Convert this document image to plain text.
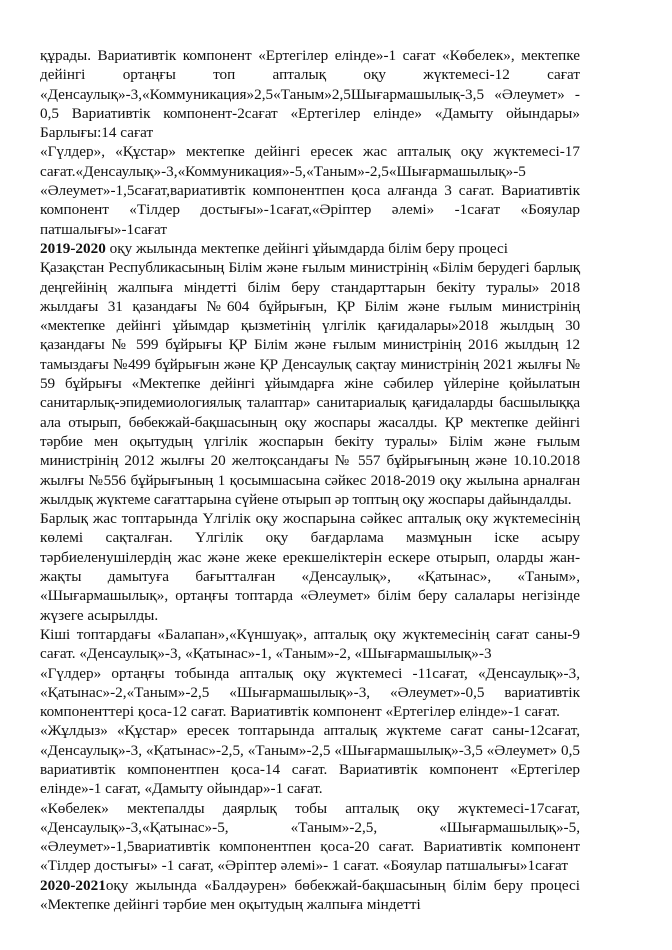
құрады. Вариативтік компонент «Ертегілер елінде»-1 сағат «Көбелек», мектепке дейінгі ортаңғы топ апталық оқу жүктемесі-12 сағат «Денсаулық»-3,«Коммуникация»2,5«Таным»2,5Шығармашылық-3,5 «Әлеумет» - 0,5 Вариативтік компонент-2сағат «Ертегілер елінде» «Дамыту ойындары» Барлығы:14 сағат

«Гүлдер», «Құстар» мектепке дейінгі ересек жас апталық оқу жүктемесі-17 сағат.«Денсаулық»-3,«Коммуникация»-5,«Таным»-2,5«Шығармашылық»-5

«Әлеумет»-1,5сағат,вариативтік компонентпен қоса алғанда 3 сағат. Вариативтік компонент «Тілдер достығы»-1сағат,«Әріптер әлемі» -1сағат «Бояулар патшалығы»-1сағат

2019-2020 оқу жылында мектепке дейінгі ұйымдарда білім беру процесі

Қазақстан Республикасының Білім және ғылым министрінің «Білім берудегі барлық деңгейінің жалпыға міндетті білім беру стандарттарын бекіту туралы» 2018 жылдағы 31 қазандағы №604 бұйрығын, ҚР Білім және ғылым министрінің «мектепке дейінгі ұйымдар қызметінің үлгілік қағидалары»2018 жылдың 30 қазандағы № 599 бұйрығы ҚР Білім және ғылым министрінің 2016 жылдың 12 тамыздағы №499 бұйрығын және ҚР Денсаулық сақтау министрінің 2021 жылғы № 59 бұйрығы «Мектепке дейінгі ұйымдарға жіне сәбилер үйлеріне қойылатын санитарлық-эпидемиологиялық талаптар» санитариалық қағидаларды басшылыққа ала отырып, бөбекжай-бақшасының оқу жоспары жасалды. ҚР мектепке дейінгі тәрбие мен оқытудың үлгілік жоспарын бекіту туралы» Білім және ғылым министрінің 2012 жылғы 20 желтоқсандағы № 557 бұйрығының және 10.10.2018 жылғы №556 бұйрығының 1 қосымшасына сәйкес 2018-2019 оқу жылына арналған жылдық жүктеме сағаттарына сүйене отырып әр топтың оқу жоспары дайындалды.

Барлық жас топтарында Үлгілік оқу жоспарына сәйкес апталық оқу жүктемесінің көлемі сақталған. Үлгілік оқу бағдарлама мазмұнын іске асыру тәрбиеленушілердің жас және жеке ерекшеліктерін ескере отырып, оларды жан-жақты дамытуға бағытталған «Денсаулық», «Қатынас», «Таным», «Шығармашылық», ортаңғы топтарда «Әлеумет» білім беру салалары негізінде жүзеге асырылды.

Кіші топтардағы «Балапан»,«Күншуақ», апталық оқу жүктемесінің сағат саны-9 сағат. «Денсаулық»-3, «Қатынас»-1, «Таным»-2, «Шығармашылық»-3

«Гүлдер» ортаңғы тобында апталық оқу жүктемесі -11сағат, «Денсаулық»-3, «Қатынас»-2,«Таным»-2,5 «Шығармашылық»-3, «Әлеумет»-0,5 вариативтік компоненттері қоса-12 сағат. Вариативтік компонент «Ертегілер елінде»-1 сағат.

«Жұлдыз» «Құстар» ересек топтарында апталық жүктеме сағат саны-12сағат, «Денсаулық»-3, «Қатынас»-2,5, «Таным»-2,5 «Шығармашылық»-3,5 «Әлеумет» 0,5 вариативтік компонентпен қоса-14 сағат. Вариативтік компонент «Ертегілер елінде»-1 сағат, «Дамыту ойындар»-1 сағат.

«Көбелек» мектепалды даярлық тобы апталық оқу жүктемесі-17сағат, «Денсаулық»-3,«Қатынас»-5, «Таным»-2,5, «Шығармашылық»-5, «Әлеумет»-1,5вариативтік компонентпен қоса-20 сағат. Вариативтік компонент «Тілдер достығы» -1 сағат, «Әріптер әлемі»- 1 сағат. «Бояулар патшалығы»1сағат

2020-2021оқу жылында «Балдәурен» бөбекжай-бақшасының білім беру процесі «Мектепке дейінгі тәрбие мен оқытудың жалпыға міндетті
